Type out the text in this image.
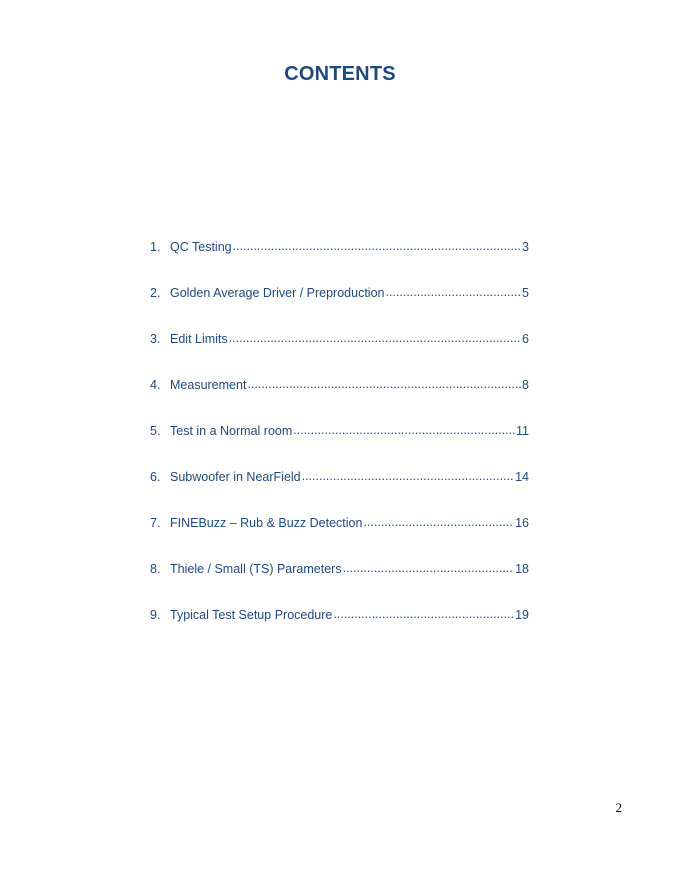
CONTENTS
1. QC Testing .....	3
2. Golden Average Driver / Preproduction .....	5
3. Edit Limits .....	6
4. Measurement .....	8
5. Test in a Normal room .....	11
6. Subwoofer in NearField .....	14
7. FINEBuzz – Rub & Buzz Detection .....	16
8. Thiele / Small (TS) Parameters .....	18
9. Typical Test Setup Procedure .....	19
2
